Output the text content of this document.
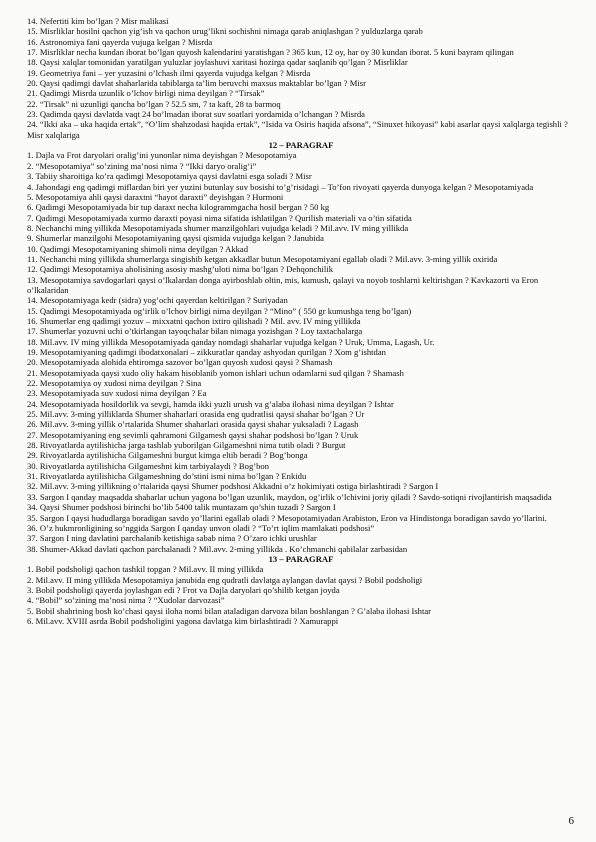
14. Nefertiti kim bo’lgan ? Misr malikasi

15. Misrliklar hosilni qachon yig’ish va qachon urug’likni sochishni nimaga qarab aniqlashgan ? yulduzlarga qarab

16. Astronomiya fani qayerda vujuga kelgan ? Misrda

17. Misrliklar necha kundan iborat bo’lgan quyosh kalendarini yaratishgan ? 365 kun, 12 oy, har oy 30 kundan iborat. 5 kuni bayram qilingan

18. Qaysi xalqlar tomonidan yaratilgan yuluzlar joylashuvi xaritasi hozirga qadar saqlanib qo’lgan ? Misrliklar

19. Geometriya fani – yer yuzasini o’lchash ilmi qayerda vujudga kelgan ? Misrda

20. Qaysi qadimgi davlat shaharlarida tabiblarga ta’lim beruvchi maxsus maktablar bo’lgan ? Misr

21. Qadimgi Misrda uzunlik o’lchov birligi nima deyilgan ? “Tirsak”

22. “Tirsak” ni uzunligi qancha bo’lgan ? 52.5 sm, 7 ta kaft, 28 ta barmoq

23. Qadimda qaysi davlatda vaqt 24 bo’lmadan iborat suv soatlari yordamida o’lchangan ? Misrda

24. “Ikki aka – uka haqida ertak”, “O’lim shahzodasi haqida ertak”, “Isida va Osiris haqida afsona”, “Sinuxet hikoyasi” kabi asarlar qaysi xalqlarga tegishli ? Misr xalqlariga

12 – PARAGRAF

1. Dajla va Frot daryolari oralig’ini yunonlar nima deyishgan ? Mesopotamiya

2. “Mesopotamiya” so’zining ma’nosi nima ? “Ikki daryo oralig’i”

3. Tabiiy sharoitiga ko’ra qadimgi Mesopotamiya qaysi davlatni esga soladi ? Misr

4. Jahondagi eng qadimgi miflardan biri yer yuzini butunlay suv bosishi to’g’risidagi – To’fon rivoyati qayerda dunyoga kelgan ? Mesopotamiyada

5. Mesopotamiya ahli qaysi daraxtni “hayot daraxti” deyishgan ? Hurmoni

6. Qadimgi Mesopotamiyada bir tup daraxt necha kilogrammgacha hosil bergan ? 50 kg

7. Qadimgi Mesopotamiyada xurmo daraxti poyasi nima sifatida ishlatilgan ? Qurilish materiali va o’tin sifatida

8. Nechanchi ming yillikda Mesopotamiyada shumer manzilgohlari vujudga keladi ? Mil.avv. IV ming yillikda

9. Shumerlar manzilgohi Mesopotamiyaning qaysi qismida vujudga kelgan ? Janubida

10. Qadimgi Mesopotamiyaning shimoli nima deyilgan ? Akkad

11. Nechanchi ming yillikda shumerlarga singishib ketgan akkadlar butun Mesopotamiyani egallab oladi ? Mil.avv. 3-ming yillik oxirida

12. Qadimgi Mesopotamiya aholisining asosiy mashg’uloti nima bo’lgan ? Dehqonchilik

13. Mesopotamiya savdogarlari qaysi o’lkalardan donga ayirboshlab oltin, mis, kumush, qalayi va noyob toshlarni keltirishgan ? Kavkazorti va Eron o’lkalaridan

14. Mesopotamiyaga kedr (sidra) yog’ochi qayerdan keltirilgan ? Suriyadan

15. Qadimgi Mesopotamiyada og’irlik o’lchov birligi nima deyilgan ? “Mino” ( 550 gr kumushga teng bo’lgan)

16. Shumerlar eng qadimgi yozuv – mixxatni qachon ixtiro qilishadi ? Mil. avv. IV ming yillikda

17. Shumerlar yozuvni uchi o’tkirlangan tayoqchalar bilan nimaga yozishgan ? Loy taxtachalarga

18. Mil.avv. IV ming yillikda Mesopotamiyada qanday nomdagi shaharlar vujudga kelgan ? Uruk, Umma, Lagash, Ur.

19. Mesopotamiyaning qadimgi ibodatxonalari – zikkuratlar qanday ashyodan qurilgan ? Xom g’ishtdan

20. Mesopotamiyada alohida ehtiromga sazovor bo’lgan quyosh xudosi qaysi ? Shamash

21. Mesopotamiyada qaysi xudo oliy hakam hisoblanib yomon ishlari uchun odamlarni sud qilgan ? Shamash

22. Mesopotamiya oy xudosi nima deyilgan ? Sina

23. Mesopotamiyada suv xudosi nima deyilgan ? Ea

24. Mesopotamiyada hosildorlik va sevgi, hamda ikki yuzli urush va g’alaba ilohasi nima deyilgan ? Ishtar

25. Mil.avv. 3-ming yilliklarda Shumer shaharlari orasida eng qudratlisi qaysi shahar bo’lgan ? Ur

26. Mil.avv. 3-ming yillik o’rtalarida Shumer shaharlari orasida qaysi shahar yuksaladi ? Lagash

27. Mesopotamiyaning eng sevimli qahramoni Gilgamesh qaysi shahar podshosi bo’lgan ? Uruk

28. Rivoyatlarda aytilishicha jarga tashlab yuborilgan Gilgameshni nima tutib oladi ? Burgut

29. Rivoyatlarda aytilishicha Gilgameshni burgut kimga eltib beradi ? Bog’bonga

30. Rivoyatlarda aytilishicha Gilgameshni kim tarbiyalaydi ? Bog’bon

31. Rivoyatlarda aytilishicha Gilgameshning do’stini ismi nima bo’lgan ? Enkidu

32. Mil.avv. 3-ming yillikning o’rtalarida qaysi Shumer podshosi Akkadni o’z hokimiyati ostiga birlashtiradi ? Sargon I

33. Sargon I qanday maqsadda shaharlar uchun yagona bo’lgan uzunlik, maydon, og’irlik o’lchivini joriy qiladi ? Savdo-sotiqni rivojlantirish maqsadida

34. Qaysi Shumer podshosi birinchi bo’lib 5400 talik muntazam qo’shin tuzadi ? Sargon I

35. Sargon I qaysi hududlarga boradigan savdo yo’llarini egallab oladi ? Mesopotamiyadan Arabiston, Eron va Hindistonga boradigan savdo yo’llarini.

36. O’z hukmronligining so’nggida Sargon I qanday unvon oladi ? “To’rt iqlim mamlakati podshosi”

37. Sargon I ning davlatini parchalanib ketishiga sabab nima ? O’zaro ichki urushlar

38. Shumer-Akkad davlati qachon parchalanadi ? Mil.avv. 2-ming yillikda . Ko’chmanchi qabilalar zarbasidan

13 – PARAGRAF

1. Bobil podsholigi qachon tashkil topgan ? Mil.avv. II ming yillikda

2. Mil.avv. II ming yillikda Mesopotamiya janubida eng qudratli davlatga aylangan davlat qaysi ? Bobil podsholigi

3. Bobil podsholigi qayerda joylashgan edi ? Frot va Dajla daryolari qo’shilib ketgan joyda

4. “Bobil” so’zining ma’nosi nima ? “Xudolar darvozasi”

5. Bobil shahrining bosh ko’chasi qaysi iloha nomi bilan ataladigan darvoza bilan boshlangan ? G’alaba ilohasi Ishtar

6. Mil.avv. XVIII asrda Bobil podsholigini yagona davlatga kim birlashtiradi ? Xamurappi

6
